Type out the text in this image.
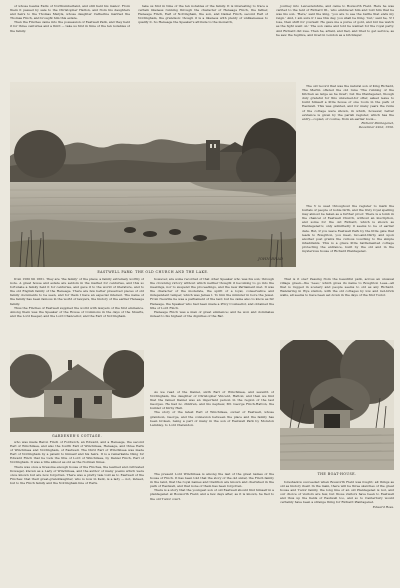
of whose beams Earls of Northumberland, and still held his manor. From them it passed by sale to the Christopher Hatton, and from his daughters and heirs to the Thomas Maryls, whose daughter Catherine married the Thomas Finch, and brought him this estate.

Then the Finches came into the possession of Eastwell Park, and they held it for three centuries and a third — take us first in time of the ten notables of the family.

take us first in time of the ten notables of the family. It is interesting to trace a certain likeness running through the character of Heneage Finch, the father, Heneage Finch, Earl of Nottingham, the son, and Daniel Finch, second Earl of Nottingham, the grandson: though it is a likeness with plenty of unlikenesses to qualify it. So Heneage the Speaker's attitude to the monarch,

journey into Leicestershire, and came to Bosworth Field. Here he was carried to the tent of Richard III., who embraced him and told him that he was his son. 'Here,' said the king, 'you are to see the battle that ends my reign.' And, I am sure if I see this day, you shall be King. 'but,' said he, 'if I lose, then shift for yourself. He gave me a purse of gold, and bid me watch as the fight went on.' The son came and told he wanted for the royal party. And Richard did lose. Then he, afraid, and fled, and tried to get service, as he saw the fugitive, and lived in London as a bricklayer.

JOHN BRAD
EASTWELL PARK: THE OLD CHURCH AND THE LAKE.

The old record that was the natural son of King Richard, The Merlin offered the old rune 'The running of the Kitchen as large as he lived'; but the Plantagenet, though duly grateful for this unlooked-for offer, asked leave to build himself a little house of one room in the park of Eastwell. This was granted, and for many years the ruins of the cottage were shown, in which, however, better evidence is given by the parish register, which has the entry—copied, of course, from an earlier book—

Richard Plantagenet,

December 22nd, 1550.

The V is used throughout the register to mark the burials of people of noble birth, and the truly royal spelling may almost be taken as a further proof. There is a tomb in the chancel of Eastwell Church, without an inscription, and some for the old Richard, which is shown as Plantagenet's; only admittedly it seems to be of earlier date. But, if you leave Eastwell Park by the little gate that leads to Boughton, you meet, two-and-thirty, and upon another post grants the curious vouching to the simple inhabitants. This is a grave little battlemented cottage protecting the entrance, built by the old and in the mysterious house of Richard Plantagenet.

from 1560 till 1661. They are 'the family' of the place; a family extremely worthy of note. A great house and estate are seldom in the market for centuries, and this so fortunate a family held it for centuries, and gave it to the world of literature, and to the old English family of the Heneage. There are few better preserved pieces of old family documents to be seen, and for them I have an especial interest. The name of the family has been famous in the world of lawyers, the history of the earlier Heneage family.

Thus the Finches of Eastwell supplied the world with lawyers of the first eminence. Among them was the Speaker of the House of Commons in the days of the Stuarts, and the Lord Keeper, and the Lord Chancellor, and the Earl of Nottingham.

however, are some recorded of that other Speaker who was his son; through the crowning victory without which neither thought it becoming to go into the meetings, nor to suspend the proceedings, and the new Parliament met. It was the character of the moderate, the spirit of a loyal, conservative and independent temper, which was James I. To him the minister in bore the Jewel. From Neuville he was a parliament of the last; but he came also to know as Sir Heneage, the Speaker who had been made a Privy Counsellor, and obtained the title of Lord Finch.

Heneage Finch was a man of great eminence; and he won and dominates indeed to his highest of the dignities of the Bar.

That is it one? Passing from the beautiful park, across an unusual village green—the 'Lees,' which gives its name to Boughton Lees—all that is rugged in scenery and people seems to old as any Richard. Wandering in Wye station, with the old cottages by low and red-brick walls, all seems to have been set down in the days of the first Tudor.

GARDENER'S COTTAGE.

As we read of the Daniel, sixth Earl of Winchilsea, and seventh of Nottingham, the daughter of Christopher Vincent, Hatton; and then we find that the famed Daniel was an important person in the region of the last Georges. He had no children, and his nephew, Mr. George Finch-Hatton, the builder of Kirby Hall.

The story of the latest Earl of Winchilsea, owner of Eastwell, whose grandson, George, and the connexion between the place and the family has been broken, being a part of many in the son of Eastwell Park by Moreton Lambley, to Lord Clarendon.

THE BOAT-HOUSE.

who was made Baron Finch of Fordwich, an Edward, and a Heneage, the second Earl of Winchilsea, and also the fourth Earl of Winchilsea, Heneage, and three Earls of Winchilsea and Nottingham, of Eastwell. The third Earl of Winchilsea was made Earl of Nottingham by a patent to himself and his heirs. It is a remarkable thing for Edward Finch that he took the title of Lord of Winchilsea, by Daniel Finch, Earl of Nottingham. It was a title almost as old as the Norman times.

There was once a tiresome enough house of the Finches, the learned and cultivated Dowager, known as a Lady of Winchilsea, and the author of many poems which were once known but are now forgotten. There was a pretty tale told as to Eastwell of the Finches: that their great-granddaughter, who is now in Kent, is a lady — not, indeed, but to the Finch family and the Nottingham line of Earls.

The present Lord Winchilsea is among the last of the great names of the house of Finch. It has been told that the story of the old sister, the Finch family in the land, that the royal names and tradition are known and cherished in the park of Eastwell, and that none of them has been forgotten.

There is a story that the youngest son of old Eastwell should find himself in a plantagenet at Bosworth Field; and a few days after, as it is known, he fled to the old Tudor court.

foreshadow succeeded when Bosworth Field was fought; all things as old as history itself. In the main, there will be three sketches of the great house and Tudor family, the long line of an old Plantagenet is not, and our choice of visitors are few, but those visitors have been to Eastwell and thus up the fields of Eastwell too, and so to Canterbury would certainly have been a strange thing for Richard Plantagenet.

Edward Ross.
